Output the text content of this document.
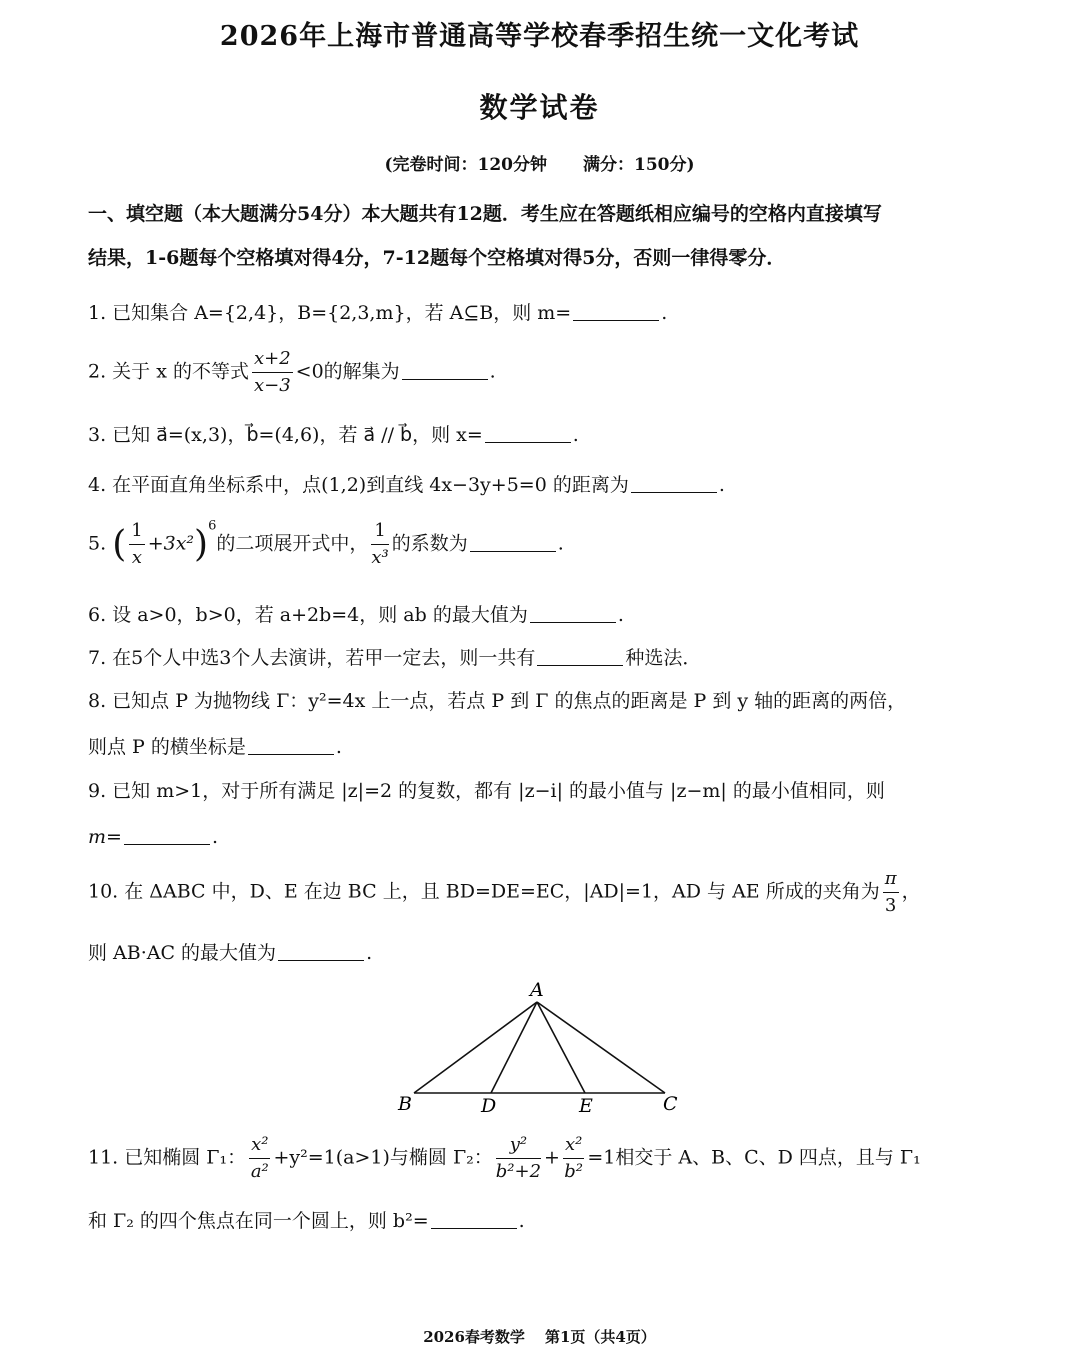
2026年上海市普通高等学校春季招生统一文化考试
数学试卷
(完卷时间：120分钟 满分：150分)
一、填空题（本大题满分54分）本大题共有12题．考生应在答题纸相应编号的空格内直接填写
结果，1-6题每个空格填对得4分，7-12题每个空格填对得5分，否则一律得零分．
1. 已知集合 A={2,4}，B={2,3,m}，若 A⊆B，则 m=	.
2. 关于 x 的不等式 $\frac{x+2}{x-3} <0$的解集为	.
3. 已知 a⃗=(x,3)，b⃗=(4,6)，若 a⃗ // b⃗，则 x=	.
4. 在平面直角坐标系中，点(1,2)到直线 4x−3y+5=0 的距离为	.
5. ( $\frac{1}{x} +3x^2)^6$的二项展开式中， $\frac{1}{\text{x³}}$ 的系数为	.
6. 设 a>0，b>0，若 a+2b=4，则 ab 的最大值为	.
7. 在5个人中选3个人去演讲，若甲一定去，则一共有	种选法．
8. 已知点 P 为抛物线 Γ：y²=4x 上一点，若点 P 到 Γ 的焦点的距离是 P 到 y 轴的距离的两倍，
则点 P 的横坐标是	.
9. 已知 m>1，对于所有满足 |z|=2 的复数，都有 |z−i| 的最小值与 |z−m| 的最小值相同，则
m=	.
10. 在 ΔABC 中，D、E 在边 BC 上，且 BD=DE=EC，|AD|=1，AD 与 AE 所成的夹角为 $\frac{\pi}{3}$ ，
则 AB·AC 的最大值为	.
A
B	D	E	C
11. 已知椭圆 Γ₁： $\frac{\text{x²}}{\text{a²}} +y^2=1(a>1)$与椭圆 Γ₂： $\frac{\text{y²}}{\text{b²+2}} + \frac{\text{x²}}{\text{b²}} =1$相交于 A、B、C、D 四点，且与 Γ₁
和 Γ₂ 的四个焦点在同一个圆上，则 b²=	.
2026春考数学 第1页（共4页）
